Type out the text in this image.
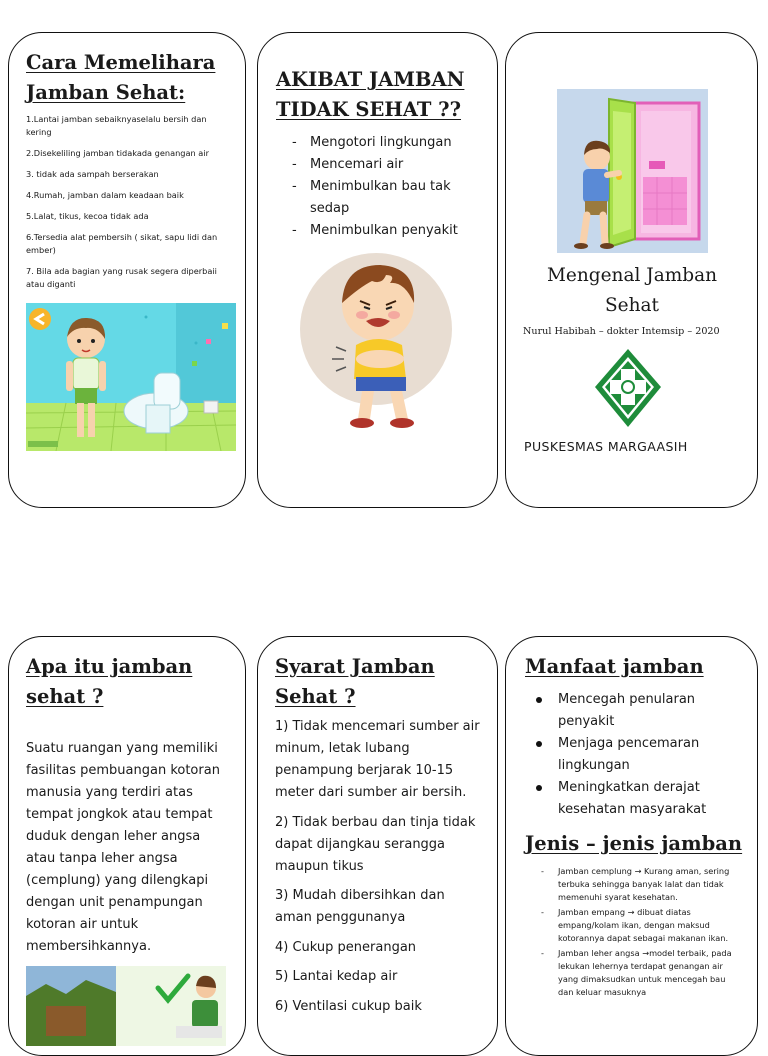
Cara Memelihara
Jamban Sehat:
1.Lantai jamban sebaiknyaselalu bersih dan kering
2.Disekeliling jamban tidakada genangan air
3. tidak ada sampah berserakan
4.Rumah, jamban dalam keadaan baik
5.Lalat, tikus, kecoa tidak ada
6.Tersedia alat pembersih ( sikat, sapu lidi dan ember)
7. Bila ada bagian yang rusak segera diperbaii atau diganti
AKIBAT JAMBAN
TIDAK SEHAT ??
- Mengotori lingkungan
- Mencemari air
- Menimbulkan bau tak sedap
- Menimbulkan penyakit
Mengenal Jamban Sehat
Nurul Habibah – dokter Intemsip – 2020
PUSKESMAS MARGAASIH
Apa itu jamban
sehat ?

Suatu ruangan yang memiliki fasilitas pembuangan kotoran manusia yang terdiri atas tempat jongkok atau tempat duduk dengan leher angsa atau tanpa leher angsa (cemplung) yang dilengkapi dengan unit penampungan kotoran air untuk membersihkannya.

Syarat Jamban
Sehat ?
1) Tidak mencemari sumber air minum, letak lubang penampung berjarak 10-15 meter dari sumber air bersih.
2) Tidak berbau dan tinja tidak dapat dijangkau serangga maupun tikus
3) Mudah dibersihkan dan aman penggunanya
4) Cukup penerangan
5) Lantai kedap air
6) Ventilasi cukup baik
Manfaat jamban
Mencegah penularan penyakit
Menjaga pencemaran lingkungan
Meningkatkan derajat kesehatan masyarakat
Jenis – jenis jamban
- Jamban cemplung → Kurang aman, sering terbuka sehingga banyak lalat dan tidak memenuhi syarat kesehatan.
- Jamban empang → dibuat diatas empang/kolam ikan, dengan maksud kotorannya dapat sebagai makanan ikan.
- Jamban leher angsa →model terbaik, pada lekukan lehernya terdapat genangan air yang dimaksudkan untuk mencegah bau dan keluar masuknya
